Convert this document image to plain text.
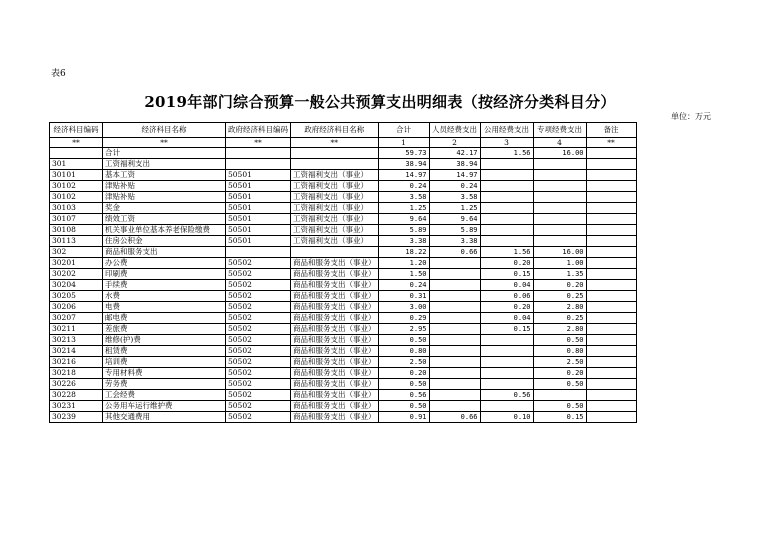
表6
2019年部门综合预算一般公共预算支出明细表（按经济分类科目分）
单位：万元
经济科目编码	经济科目名称	政府经济科目编码	政府经济科目名称	合计	人员经费支出	公用经费支出	专项经费支出	备注
**	**	**	**	1	2	3	4	**
	合计			59.73	42.17	1.56	16.00	
301	工资福利支出			38.94	38.94			
30101	基本工资	50501	工资福利支出（事业）	14.97	14.97			
30102	津贴补贴	50501	工资福利支出（事业）	0.24	0.24			
30102	津贴补贴	50501	工资福利支出（事业）	3.58	3.58			
30103	奖金	50501	工资福利支出（事业）	1.25	1.25			
30107	绩效工资	50501	工资福利支出（事业）	9.64	9.64			
30108	机关事业单位基本养老保险缴费	50501	工资福利支出（事业）	5.89	5.89			
30113	住房公积金	50501	工资福利支出（事业）	3.38	3.38			
302	商品和服务支出			18.22	0.66	1.56	16.00	
30201	办公费	50502	商品和服务支出（事业）	1.20		0.20	1.00	
30202	印刷费	50502	商品和服务支出（事业）	1.50		0.15	1.35	
30204	手续费	50502	商品和服务支出（事业）	0.24		0.04	0.20	
30205	水费	50502	商品和服务支出（事业）	0.31		0.06	0.25	
30206	电费	50502	商品和服务支出（事业）	3.00		0.20	2.80	
30207	邮电费	50502	商品和服务支出（事业）	0.29		0.04	0.25	
30211	差旅费	50502	商品和服务支出（事业）	2.95		0.15	2.80	
30213	维修(护)费	50502	商品和服务支出（事业）	0.50			0.50	
30214	租赁费	50502	商品和服务支出（事业）	0.80			0.80	
30216	培训费	50502	商品和服务支出（事业）	2.50			2.50	
30218	专用材料费	50502	商品和服务支出（事业）	0.20			0.20	
30226	劳务费	50502	商品和服务支出（事业）	0.50			0.50	
30228	工会经费	50502	商品和服务支出（事业）	0.56		0.56		
30231	公务用车运行维护费	50502	商品和服务支出（事业）	0.50			0.50	
30239	其他交通费用	50502	商品和服务支出（事业）	0.91	0.66	0.10	0.15	
